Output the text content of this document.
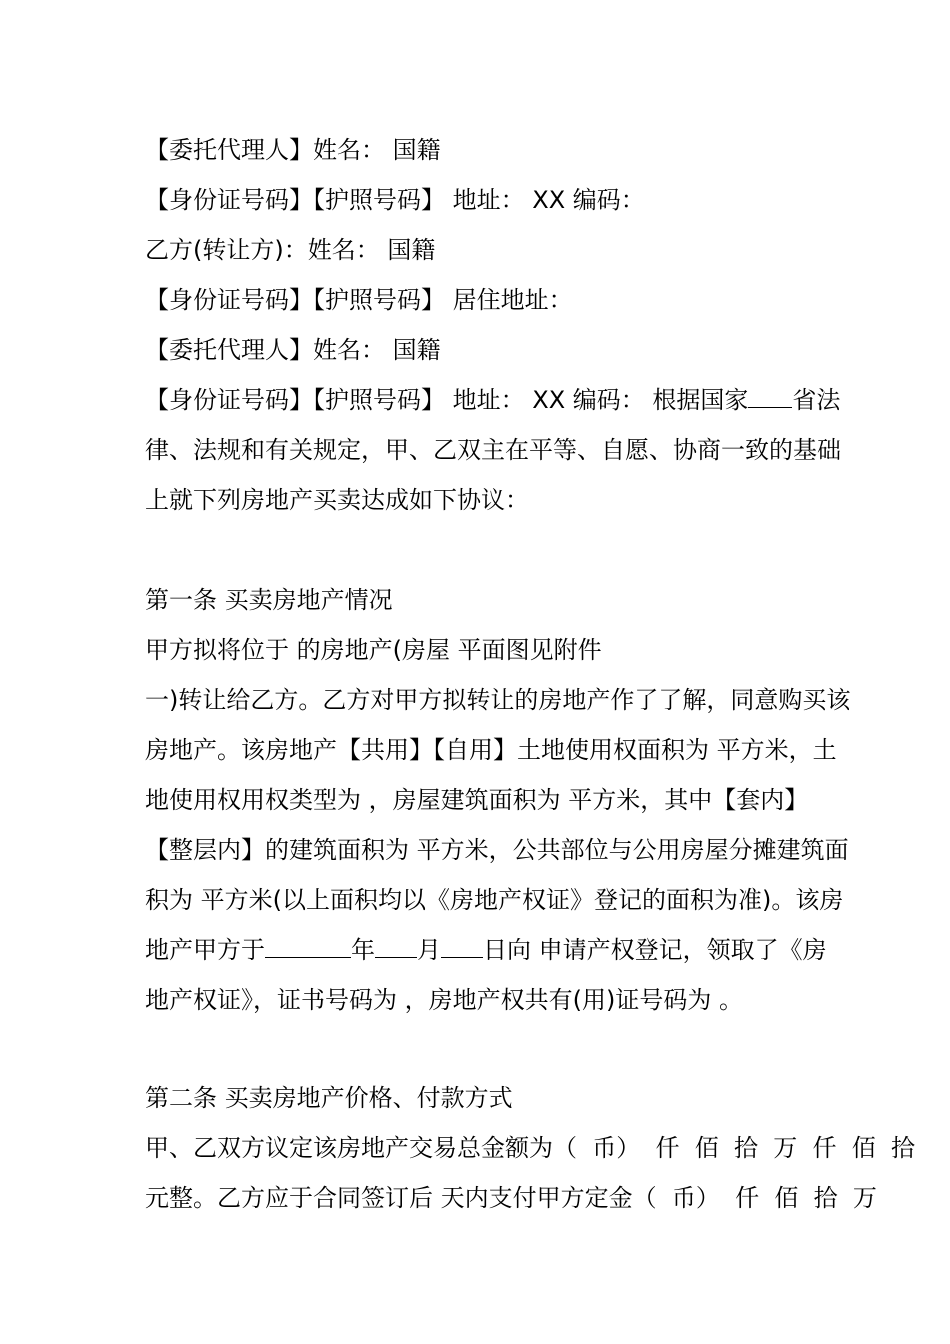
【委托代理人】姓名： 国籍
【身份证号码】【护照号码】 地址： XX 编码：
乙方(转让方)：姓名： 国籍
【身份证号码】【护照号码】 居住地址：
【委托代理人】姓名： 国籍
【身份证号码】【护照号码】 地址： XX 编码： 根据国家 省法
律、法规和有关规定，甲、乙双主在平等、自愿、协商一致的基础
上就下列房地产买卖达成如下协议：
第一条 买卖房地产情况
甲方拟将位于 的房地产(房屋 平面图见附件
一)转让给乙方。乙方对甲方拟转让的房地产作了了解，同意购买该
房地产。该房地产【共用】【自用】土地使用权面积为 平方米，土
地使用权用权类型为 ，房屋建筑面积为 平方米，其中【套内】
【整层内】的建筑面积为 平方米，公共部位与公用房屋分摊建筑面
积为 平方米(以上面积均以《房地产权证》登记的面积为准)。该房
地产甲方于	年 月 日向 申请产权登记，领取了《房
地产权证》，证书号码为 ，房地产权共有(用)证号码为 。
第二条 买卖房地产价格、付款方式
甲、乙双方议定该房地产交易总金额为（  币）  仟  佰  拾  万  仟  佰  拾
元整。乙方应于合同签订后 天内支付甲方定金（  币）  仟  佰  拾  万
